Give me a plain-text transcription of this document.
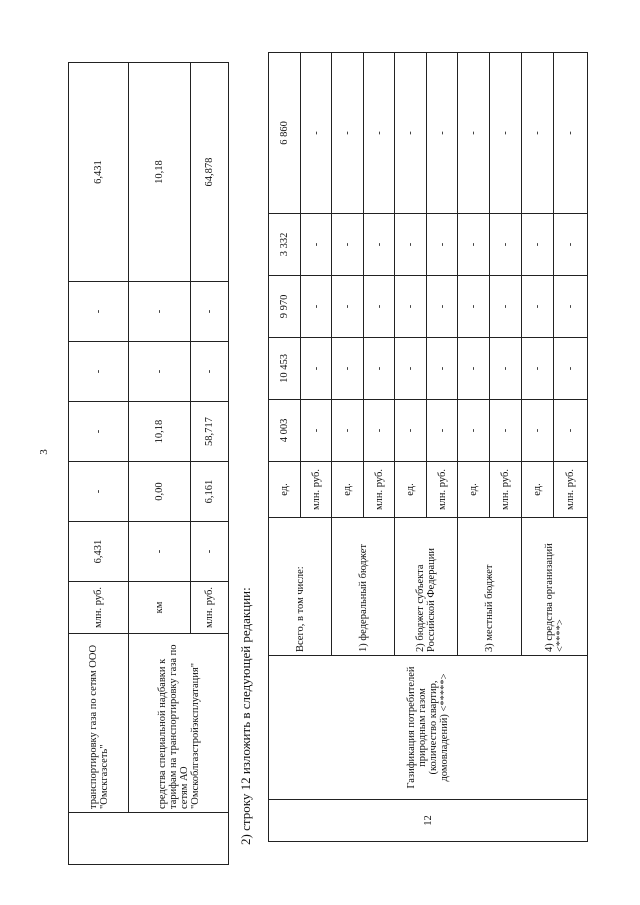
3
	транспортировку газа по сетям ООО "Омскгазсеть"	млн. руб.	6,431	-	-	-	-	6,431
	средства специальной надбавки к тарифам на транспортировку газа по сетям АО "Омскоблгазстройэксплуатация"	км	-	0,00	10,18	-	-	10,18
		млн. руб.	-	6,161	58,717	-	-	64,878
2) строку 12 изложить в следующей редакции:	12	Газификация потребителей природным газом (количество квартир, домовладений) <*****>	Всего, в том числе:	ед.	4 003	10 453	9 970	3 332	6 860	
			млн. руб.	-	-	-	-	-	
		1) федеральный бюджет	ед.	-	-	-	-	-	
			млн. руб.	-	-	-	-	-	
		2) бюджет субъекта Российской Федерации	ед.	-	-	-	-	-	
			млн. руб.	-	-	-	-	-	
		3) местный бюджет	ед.	-	-	-	-	-	
			млн. руб.	-	-	-	-	-	
		4) средства организаций <****>	ед.	-	-	-	-	-	
			млн. руб.	-	-	-	-	-	
